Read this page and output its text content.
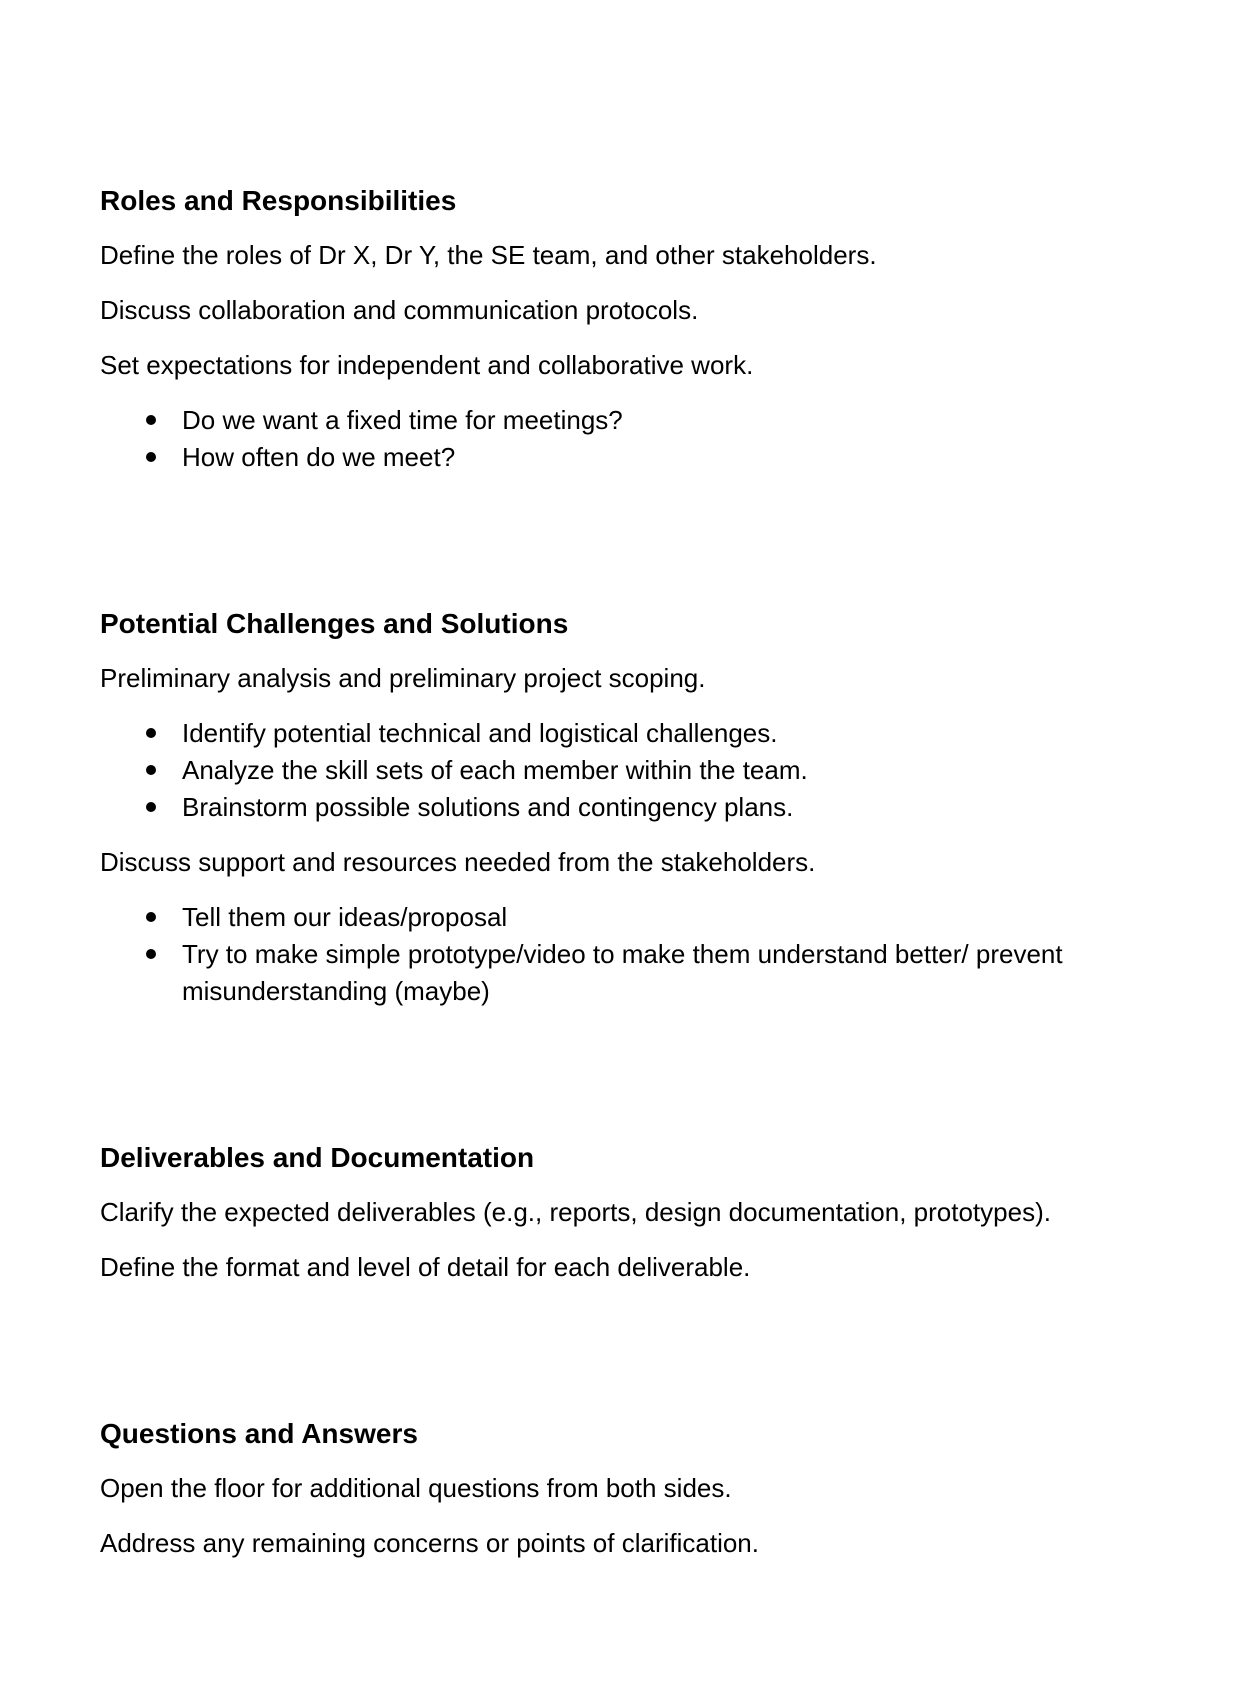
Roles and Responsibilities

Define the roles of Dr X, Dr Y, the SE team, and other stakeholders.

Discuss collaboration and communication protocols.

Set expectations for independent and collaborative work.

Do we want a fixed time for meetings?
How often do we meet?
Potential Challenges and Solutions

Preliminary analysis and preliminary project scoping.

Identify potential technical and logistical challenges.
Analyze the skill sets of each member within the team.
Brainstorm possible solutions and contingency plans.

Discuss support and resources needed from the stakeholders.

Tell them our ideas/proposal
Try to make simple prototype/video to make them understand better/ prevent misunderstanding (maybe)
Deliverables and Documentation

Clarify the expected deliverables (e.g., reports, design documentation, prototypes).

Define the format and level of detail for each deliverable.

Questions and Answers

Open the floor for additional questions from both sides.

Address any remaining concerns or points of clarification.
